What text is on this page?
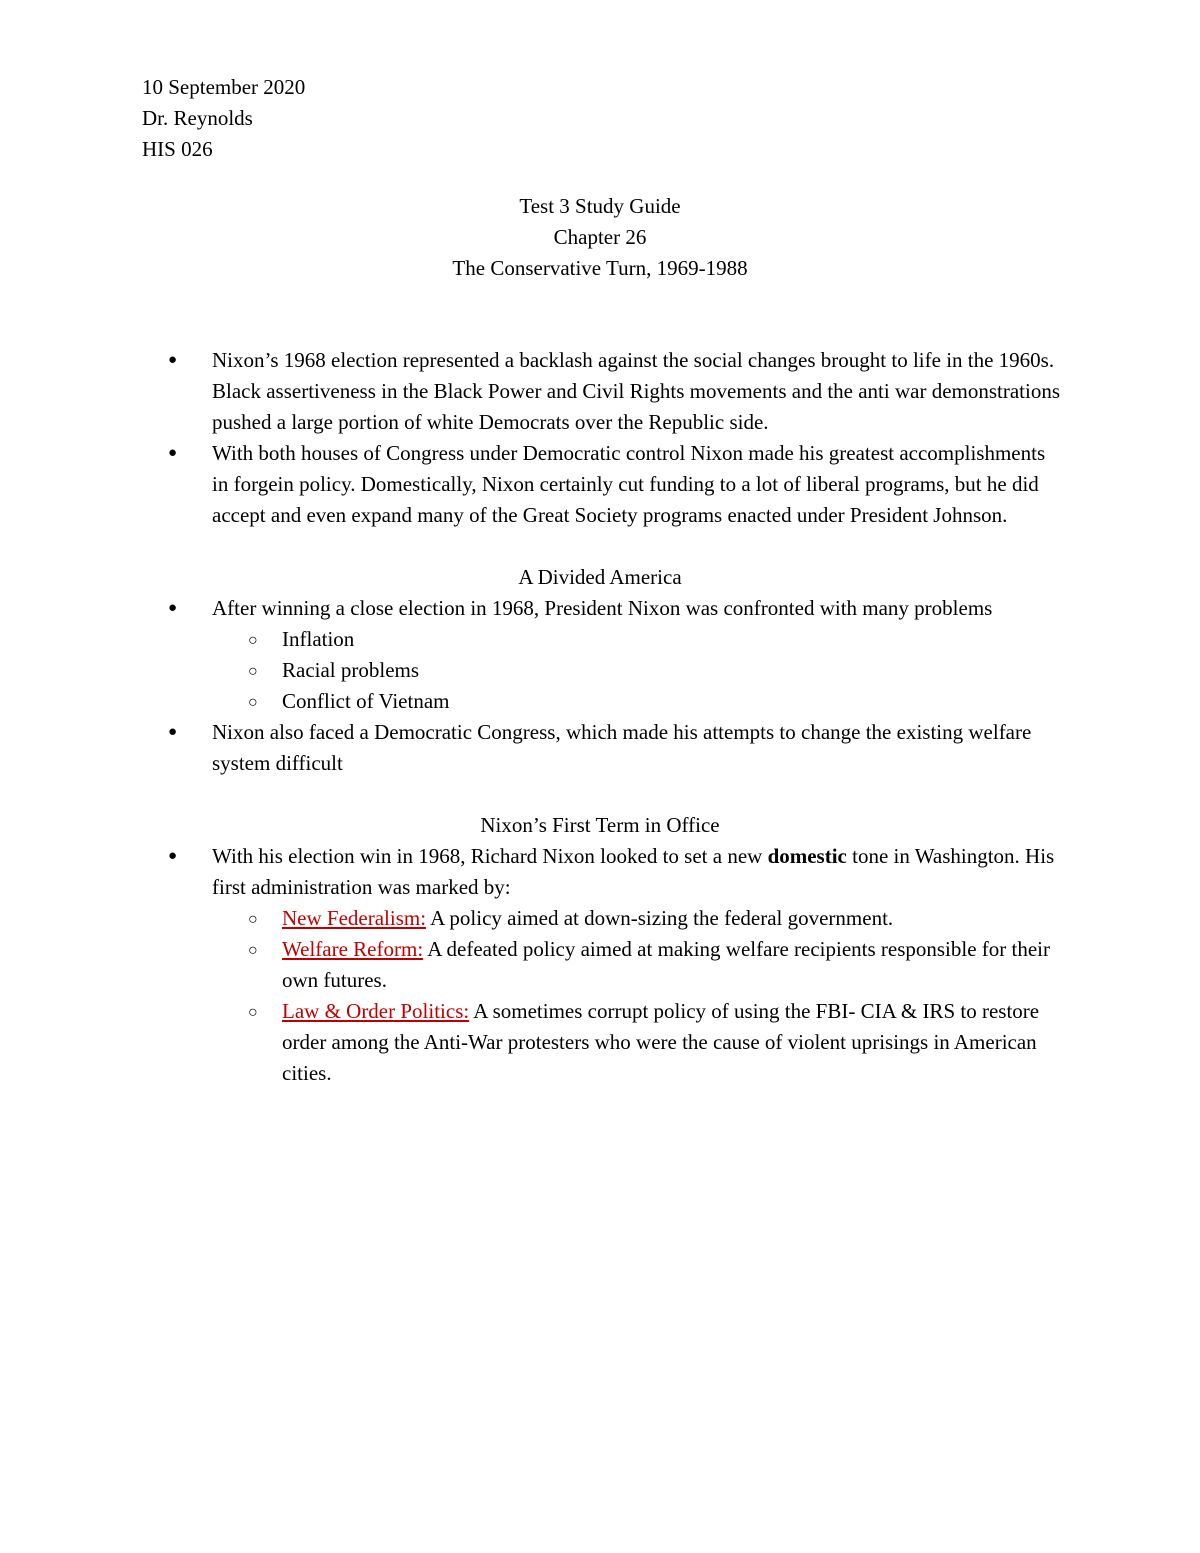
10 September 2020
Dr. Reynolds
HIS 026
Test 3 Study Guide
Chapter 26
The Conservative Turn, 1969-1988
● Nixon’s 1968 election represented a backlash against the social changes brought to life in the 1960s. Black assertiveness in the Black Power and Civil Rights movements and the anti war demonstrations pushed a large portion of white Democrats over the Republic side.
● With both houses of Congress under Democratic control Nixon made his greatest accomplishments in forgein policy. Domestically, Nixon certainly cut funding to a lot of liberal programs, but he did accept and even expand many of the Great Society programs enacted under President Johnson.
A Divided America
● After winning a close election in 1968, President Nixon was confronted with many problems
○ Inflation
○ Racial problems
○ Conflict of Vietnam
● Nixon also faced a Democratic Congress, which made his attempts to change the existing welfare system difficult
Nixon’s First Term in Office
● With his election win in 1968, Richard Nixon looked to set a new domestic tone in Washington. His first administration was marked by:
○ New Federalism: A policy aimed at down-sizing the federal government.
○ Welfare Reform: A defeated policy aimed at making welfare recipients responsible for their own futures.
○ Law & Order Politics: A sometimes corrupt policy of using the FBI- CIA & IRS to restore order among the Anti-War protesters who were the cause of violent uprisings in American cities.
